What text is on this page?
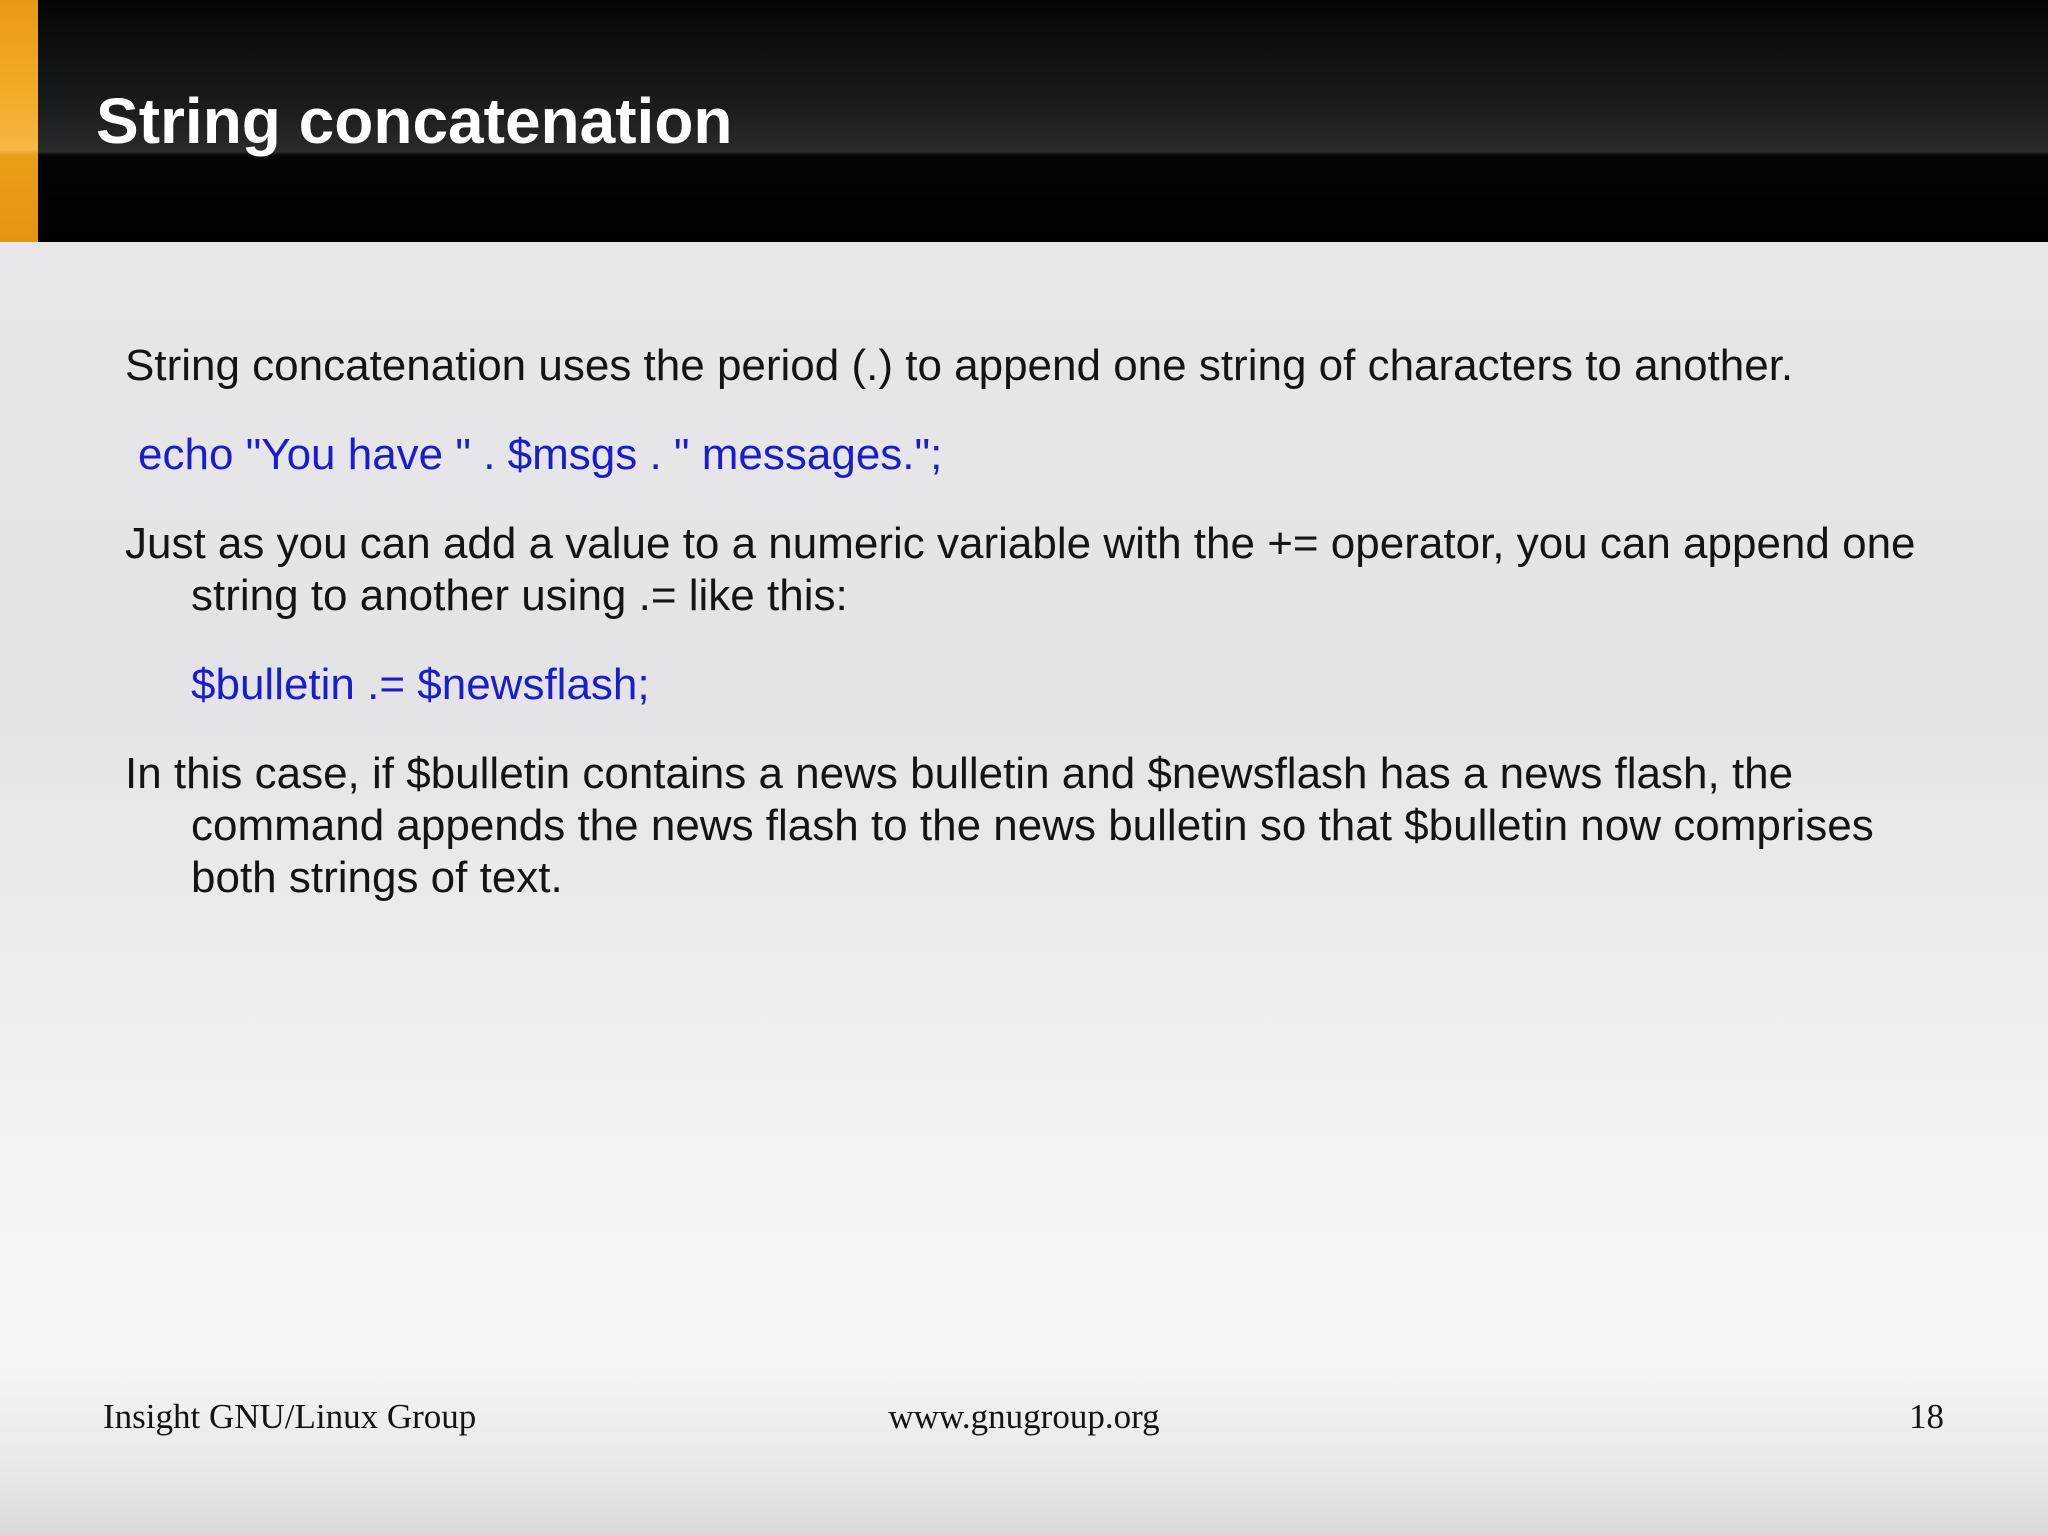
String concatenation

String concatenation uses the period (.) to append one string of characters to another.

echo "You have " . $msgs . " messages.";

Just as you can add a value to a numeric variable with the += operator, you can append one string to another using .= like this:

$bulletin .= $newsflash;

In this case, if $bulletin contains a news bulletin and $newsflash has a news flash, the command appends the news flash to the news bulletin so that $bulletin now comprises both strings of text.

Insight GNU/Linux Group	www.gnugroup.org	18
